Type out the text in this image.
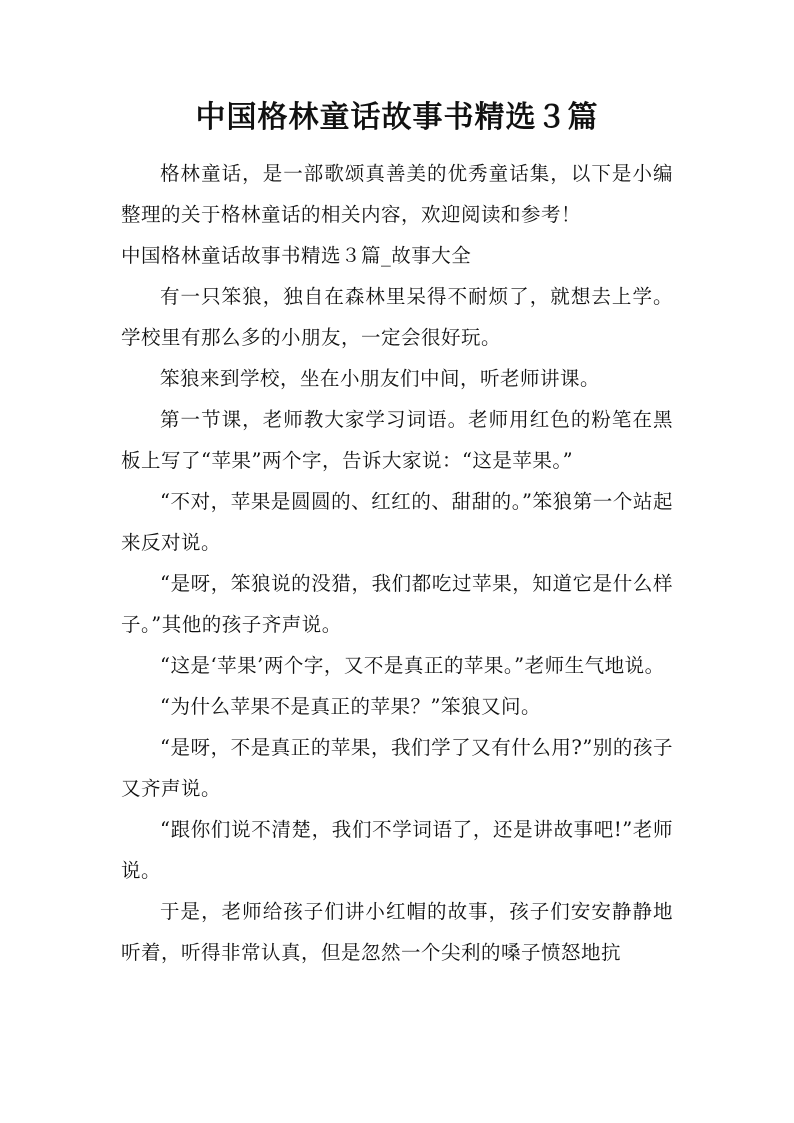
中国格林童话故事书精选３篇

格林童话，是一部歌颂真善美的优秀童话集，以下是小编整理的关于格林童话的相关内容，欢迎阅读和参考！

中国格林童话故事书精选３篇_故事大全

有一只笨狼，独自在森林里呆得不耐烦了，就想去上学。学校里有那么多的小朋友，一定会很好玩。

笨狼来到学校，坐在小朋友们中间，听老师讲课。

第一节课，老师教大家学习词语。老师用红色的粉笔在黑板上写了“苹果”两个字，告诉大家说：“这是苹果。”

“不对，苹果是圆圆的、红红的、甜甜的。”笨狼第一个站起来反对说。

“是呀，笨狼说的没猎，我们都吃过苹果，知道它是什么样子。”其他的孩子齐声说。

“这是‘苹果’两个字，又不是真正的苹果。”老师生气地说。

“为什么苹果不是真正的苹果？”笨狼又问。

“是呀，不是真正的苹果，我们学了又有什么用?”别的孩子又齐声说。

“跟你们说不清楚，我们不学词语了，还是讲故事吧!”老师说。

于是，老师给孩子们讲小红帽的故事，孩子们安安静静地听着，听得非常认真，但是忽然一个尖利的嗓子愤怒地抗
